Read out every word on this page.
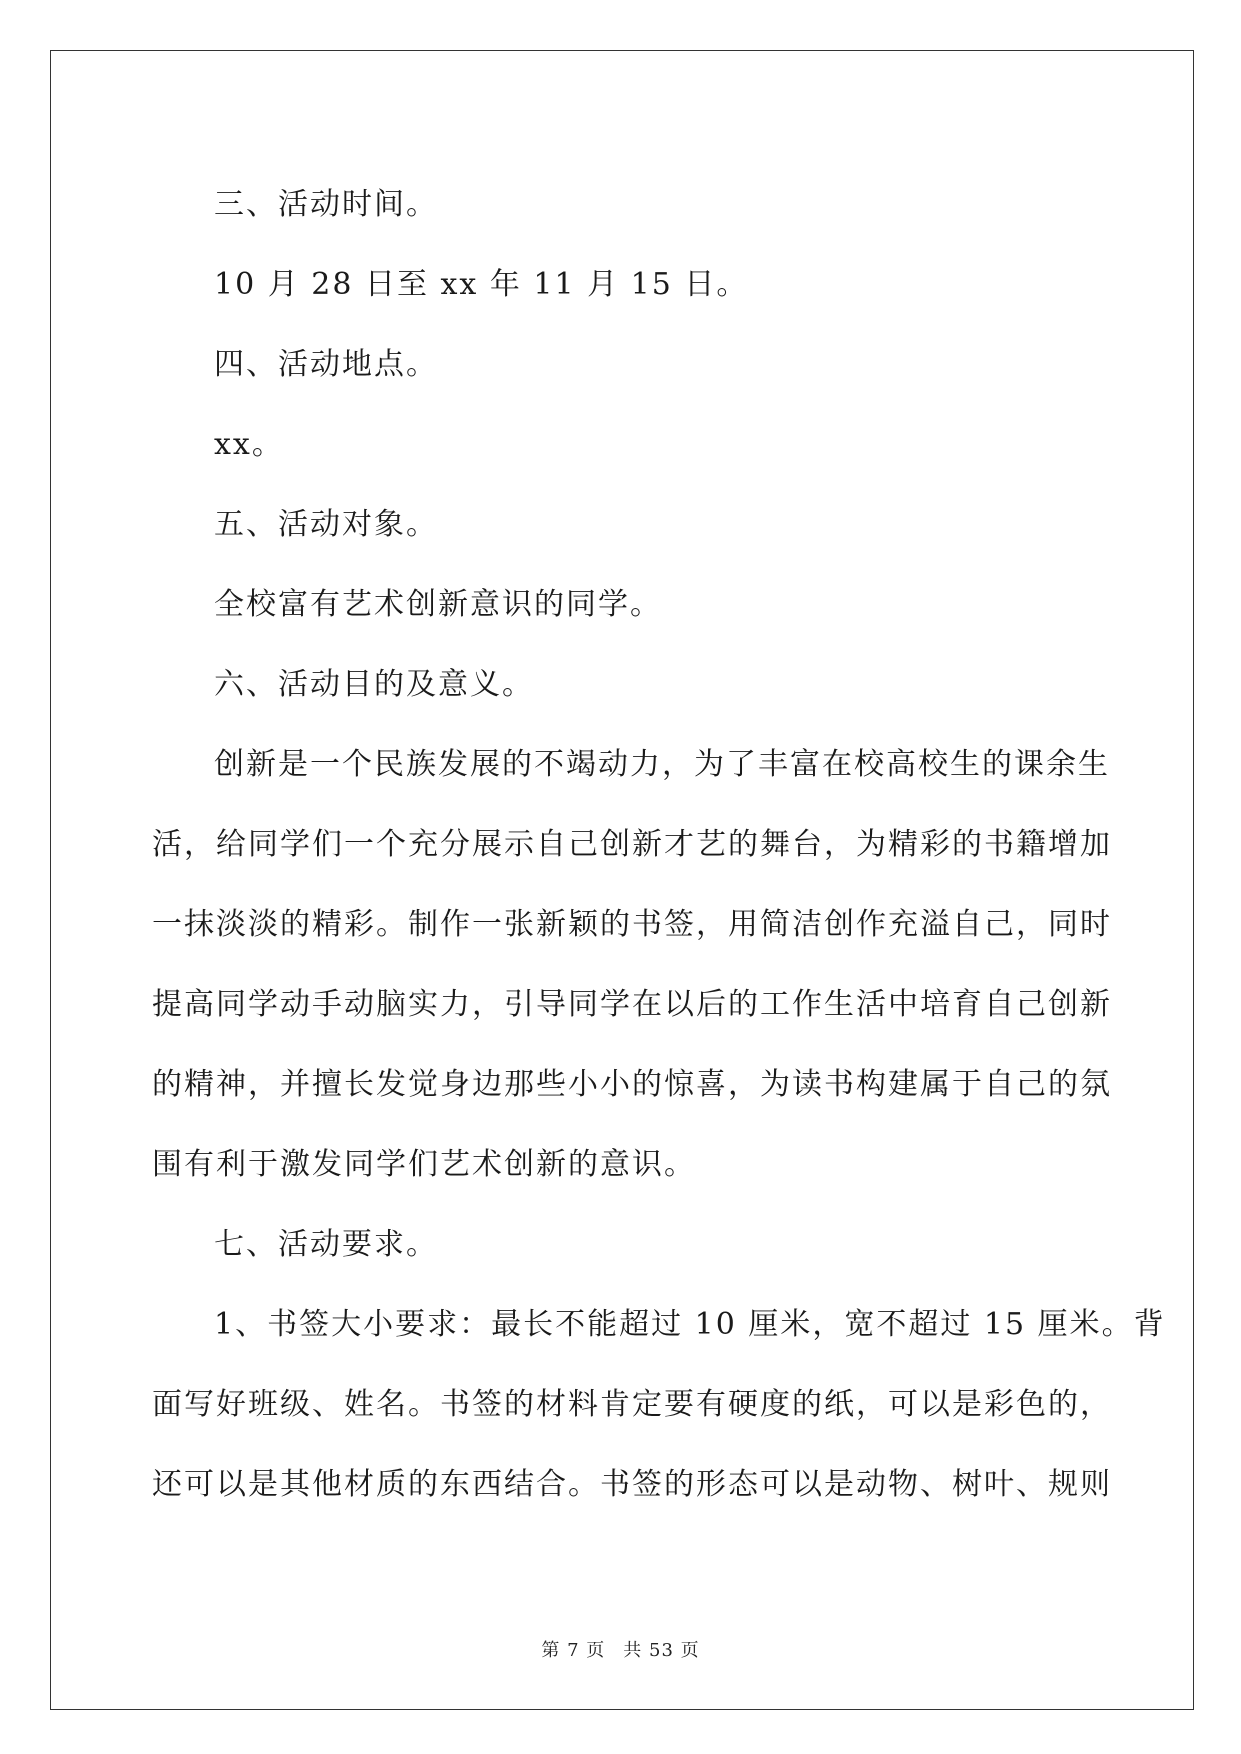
三、活动时间。
10 月 28 日至 xx 年 11 月 15 日。
四、活动地点。
xx。
五、活动对象。
全校富有艺术创新意识的同学。
六、活动目的及意义。
创新是一个民族发展的不竭动力，为了丰富在校高校生的课余生
活，给同学们一个充分展示自己创新才艺的舞台，为精彩的书籍增加
一抹淡淡的精彩。制作一张新颖的书签，用简洁创作充溢自己，同时
提高同学动手动脑实力，引导同学在以后的工作生活中培育自己创新
的精神，并擅长发觉身边那些小小的惊喜，为读书构建属于自己的氛
围有利于激发同学们艺术创新的意识。
七、活动要求。
1、书签大小要求：最长不能超过 10 厘米，宽不超过 15 厘米。背
面写好班级、姓名。书签的材料肯定要有硬度的纸，可以是彩色的，
还可以是其他材质的东西结合。书签的形态可以是动物、树叶、规则
第 7 页 共 53 页
